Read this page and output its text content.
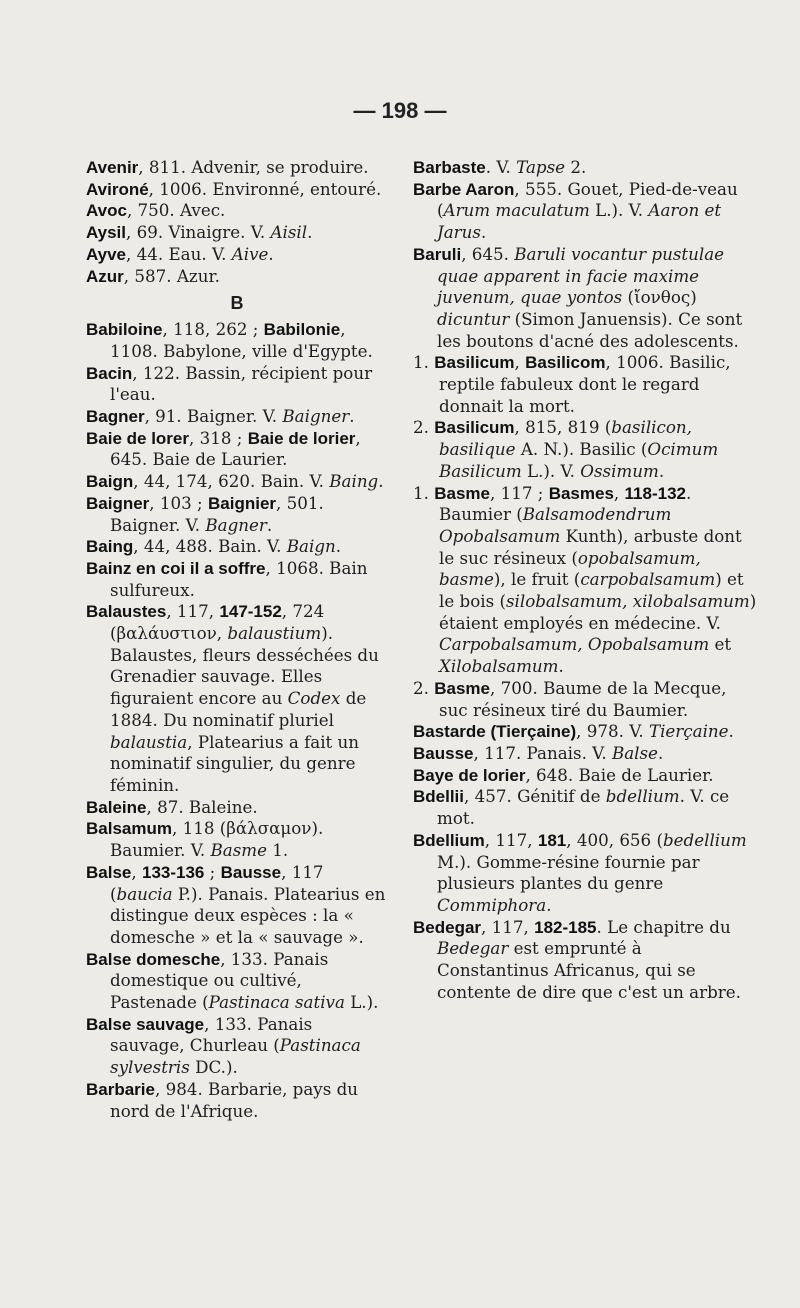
— 198 —
Avenir, 811. Advenir, se produire.
Avironé, 1006. Environné, entouré.
Avoc, 750. Avec.
Aysil, 69. Vinaigre. V. Aisil.
Ayve, 44. Eau. V. Aive.
Azur, 587. Azur.
B
Babiloine, 118, 262 ; Babilonie, 1108. Babylone, ville d'Egypte.
Bacin, 122. Bassin, récipient pour l'eau.
Bagner, 91. Baigner. V. Baigner.
Baie de lorer, 318 ; Baie de lorier, 645. Baie de Laurier.
Baign, 44, 174, 620. Bain. V. Baing.
Baigner, 103 ; Baignier, 501. Baigner. V. Bagner.
Baing, 44, 488. Bain. V. Baign.
Bainz en coi il a soffre, 1068. Bain sulfureux.
Balaustes, 117, 147-152, 724 (βαλάυστιον, balaustium). Balaustes, fleurs desséchées du Grenadier sauvage. Elles figuraient encore au Codex de 1884. Du nominatif pluriel balaustia, Platearius a fait un nominatif singulier, du genre féminin.
Baleine, 87. Baleine.
Balsamum, 118 (βάλσαμον). Baumier. V. Basme 1.
Balse, 133-136 ; Bausse, 117 (baucia P.). Panais. Platearius en distingue deux espèces : la « domesche » et la « sauvage ».
Balse domesche, 133. Panais domestique ou cultivé, Pastenade (Pastinaca sativa L.).
Balse sauvage, 133. Panais sauvage, Churleau (Pastinaca sylvestris DC.).
Barbarie, 984. Barbarie, pays du nord de l'Afrique.
Barbaste. V. Tapse 2.
Barbe Aaron, 555. Gouet, Pied-de-veau (Arum maculatum L.). V. Aaron et Jarus.
Baruli, 645. Baruli vocantur pustulae quae apparent in facie maxime juvenum, quae yontos (ἴονθος) dicuntur (Simon Januensis). Ce sont les boutons d'acné des adolescents.
1. Basilicum, Basilicom, 1006. Basilic, reptile fabuleux dont le regard donnait la mort.
2. Basilicum, 815, 819 (basilicon, basilique A. N.). Basilic (Ocimum Basilicum L.). V. Ossimum.
1. Basme, 117 ; Basmes, 118-132. Baumier (Balsamodendrum Opobalsamum Kunth), arbuste dont le suc résineux (opobalsamum, basme), le fruit (carpobalsamum) et le bois (silobalsamum, xilobalsamum) étaient employés en médecine. V. Carpobalsamum, Opobalsamum et Xilobalsamum.
2. Basme, 700. Baume de la Mecque, suc résineux tiré du Baumier.
Bastarde (Tierçaine), 978. V. Tierçaine.
Bausse, 117. Panais. V. Balse.
Baye de lorier, 648. Baie de Laurier.
Bdellii, 457. Génitif de bdellium. V. ce mot.
Bdellium, 117, 181, 400, 656 (bedellium M.). Gomme-résine fournie par plusieurs plantes du genre Commiphora.
Bedegar, 117, 182-185. Le chapitre du Bedegar est emprunté à Constantinus Africanus, qui se contente de dire que c'est un arbre.
